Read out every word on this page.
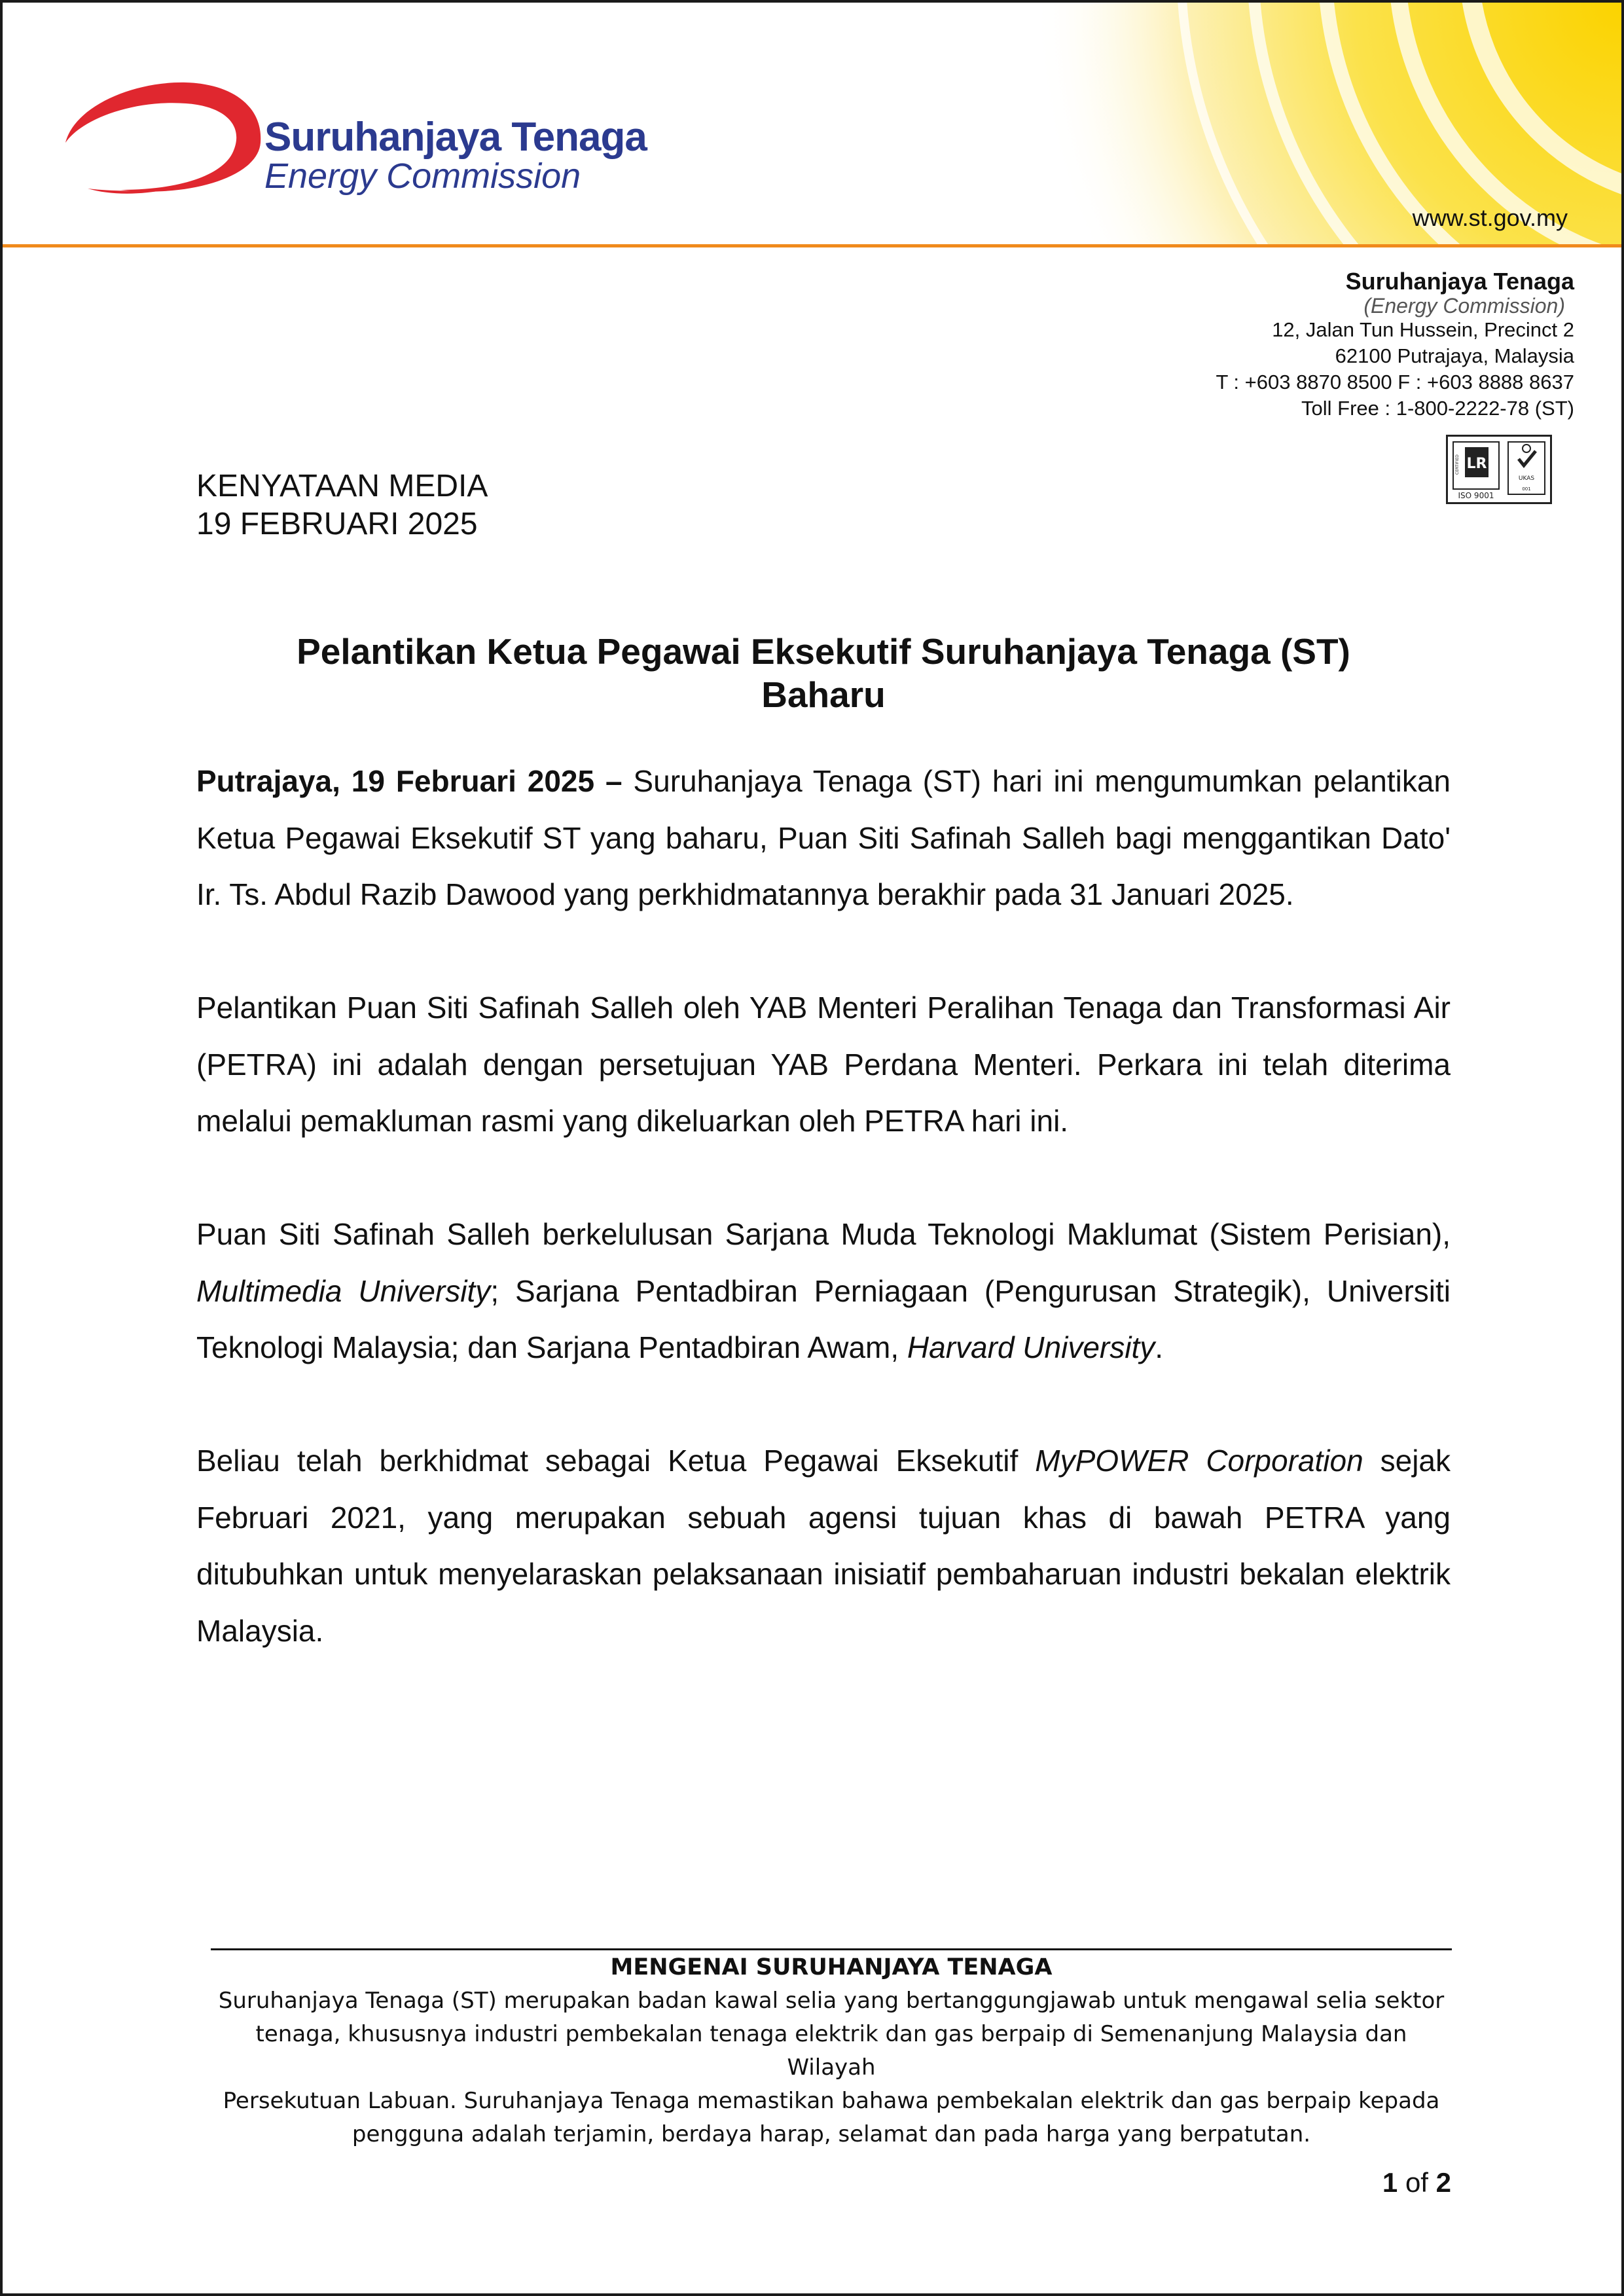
Suruhanjaya Tenaga
Energy Commission
www.st.gov.my
Suruhanjaya Tenaga
(Energy Commission)
12, Jalan Tun Hussein, Precinct 2
62100 Putrajaya, Malaysia
T : +603 8870 8500 F : +603 8888 8637
Toll Free : 1-800-2222-78 (ST)
LR
CERTIFIED
ISO 9001
UKAS
001
KENYATAAN MEDIA
19 FEBRUARI 2025
Pelantikan Ketua Pegawai Eksekutif Suruhanjaya Tenaga (ST)
Baharu

Putrajaya, 19 Februari 2025 – Suruhanjaya Tenaga (ST) hari ini mengumumkan pelantikan Ketua Pegawai Eksekutif ST yang baharu, Puan Siti Safinah Salleh bagi menggantikan Dato' Ir. Ts. Abdul Razib Dawood yang perkhidmatannya berakhir pada 31 Januari 2025.

Pelantikan Puan Siti Safinah Salleh oleh YAB Menteri Peralihan Tenaga dan Transformasi Air (PETRA) ini adalah dengan persetujuan YAB Perdana Menteri. Perkara ini telah diterima melalui pemakluman rasmi yang dikeluarkan oleh PETRA hari ini.

Puan Siti Safinah Salleh berkelulusan Sarjana Muda Teknologi Maklumat (Sistem Perisian), Multimedia University; Sarjana Pentadbiran Perniagaan (Pengurusan Strategik), Universiti Teknologi Malaysia; dan Sarjana Pentadbiran Awam, Harvard University.

Beliau telah berkhidmat sebagai Ketua Pegawai Eksekutif MyPOWER Corporation sejak Februari 2021, yang merupakan sebuah agensi tujuan khas di bawah PETRA yang ditubuhkan untuk menyelaraskan pelaksanaan inisiatif pembaharuan industri bekalan elektrik Malaysia.

MENGENAI SURUHANJAYA TENAGA
Suruhanjaya Tenaga (ST) merupakan badan kawal selia yang bertanggungjawab untuk mengawal selia sektor
tenaga, khususnya industri pembekalan tenaga elektrik dan gas berpaip di Semenanjung Malaysia dan Wilayah
Persekutuan Labuan. Suruhanjaya Tenaga memastikan bahawa pembekalan elektrik dan gas berpaip kepada
pengguna adalah terjamin, berdaya harap, selamat dan pada harga yang berpatutan.
1 of 2
